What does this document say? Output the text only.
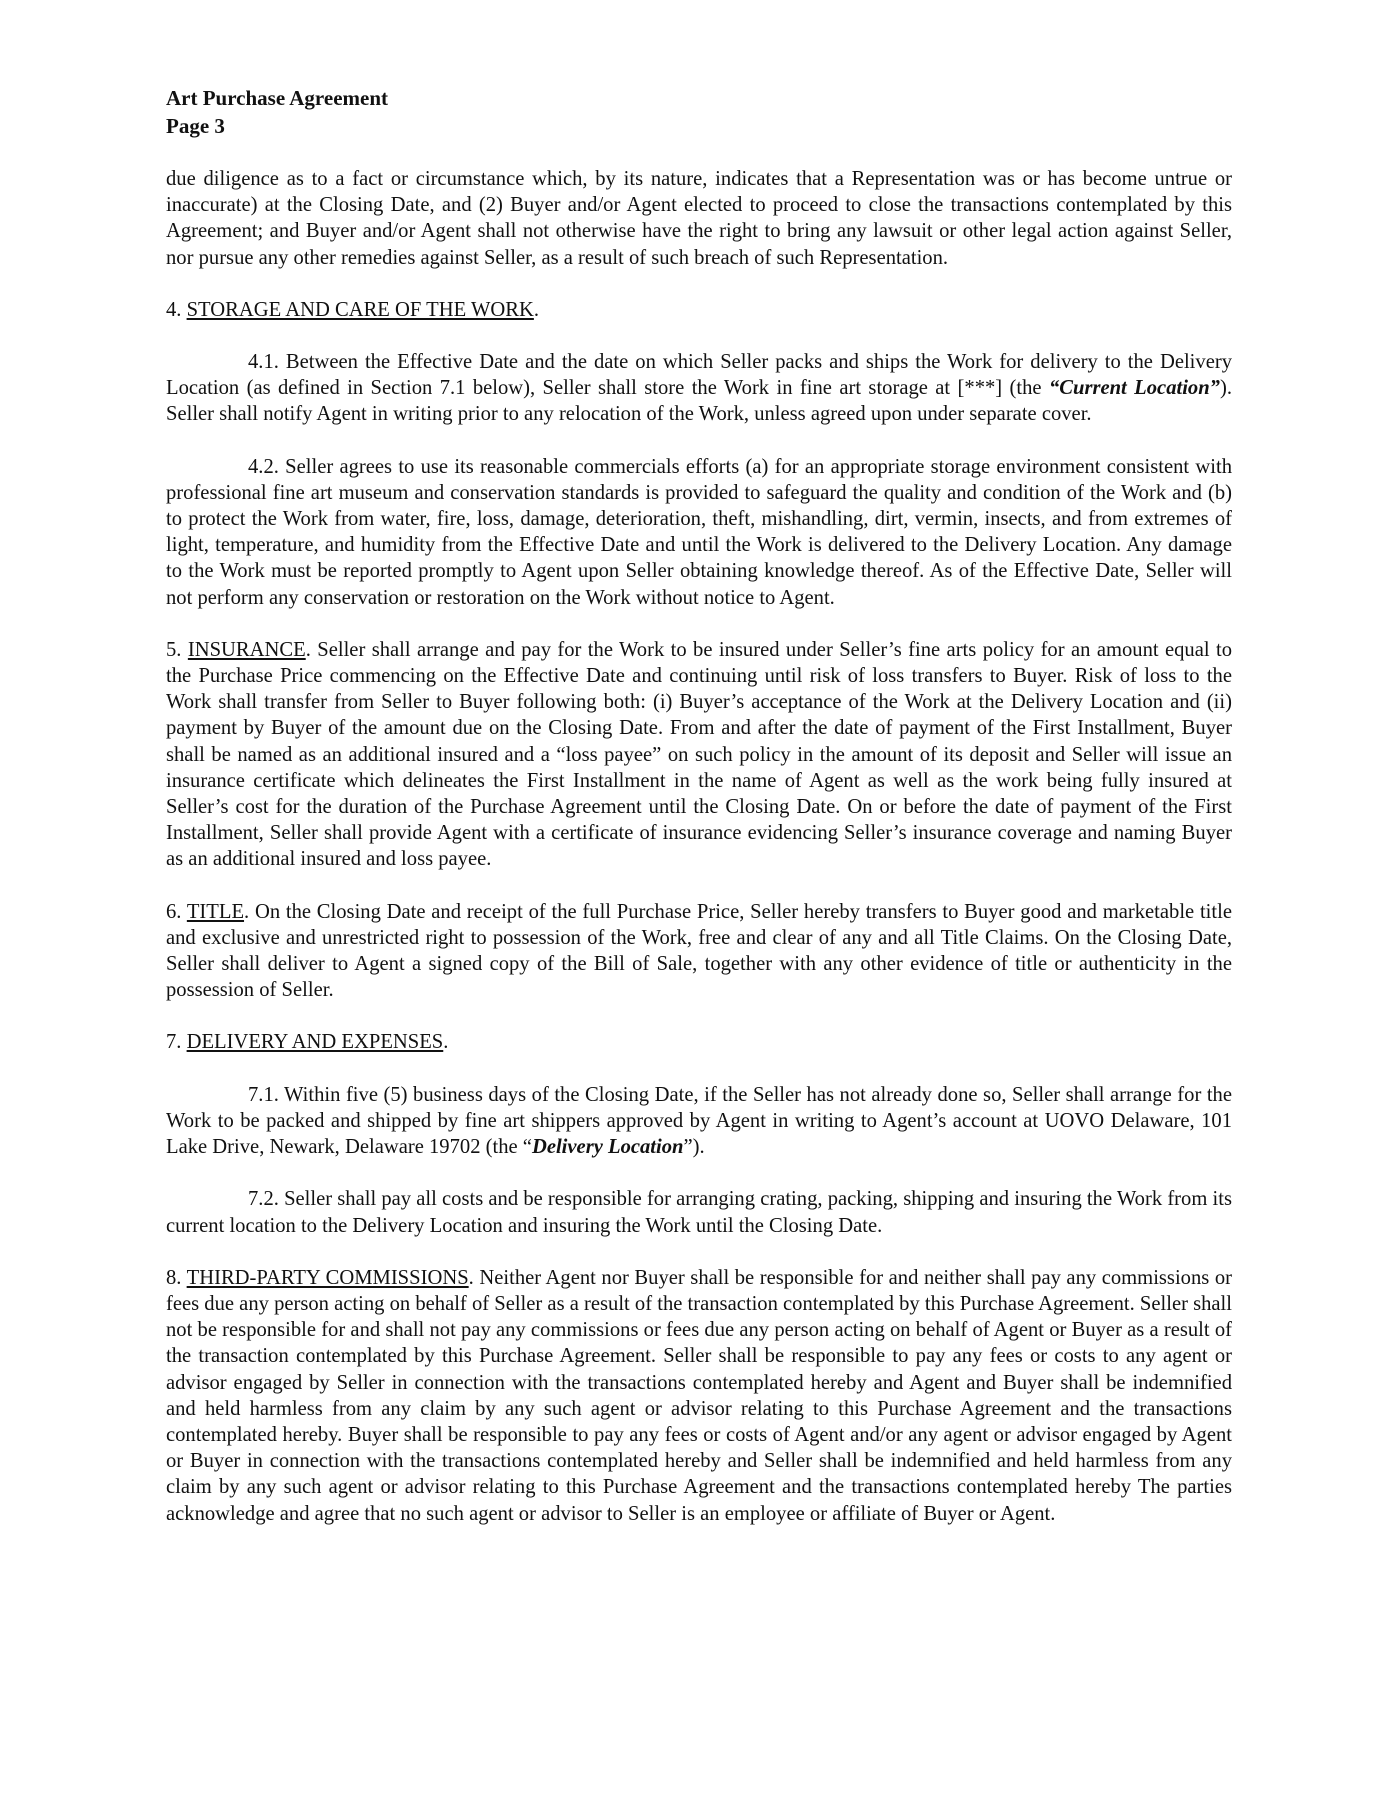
Art Purchase Agreement
Page 3

due diligence as to a fact or circumstance which, by its nature, indicates that a Representation was or has become untrue or inaccurate) at the Closing Date, and (2) Buyer and/or Agent elected to proceed to close the transactions contemplated by this Agreement; and Buyer and/or Agent shall not otherwise have the right to bring any lawsuit or other legal action against Seller, nor pursue any other remedies against Seller, as a result of such breach of such Representation.

4. STORAGE AND CARE OF THE WORK.

4.1. Between the Effective Date and the date on which Seller packs and ships the Work for delivery to the Delivery Location (as defined in Section 7.1 below), Seller shall store the Work in fine art storage at [***] (the “Current Location”). Seller shall notify Agent in writing prior to any relocation of the Work, unless agreed upon under separate cover.

4.2. Seller agrees to use its reasonable commercials efforts (a) for an appropriate storage environment consistent with professional fine art museum and conservation standards is provided to safeguard the quality and condition of the Work and (b) to protect the Work from water, fire, loss, damage, deterioration, theft, mishandling, dirt, vermin, insects, and from extremes of light, temperature, and humidity from the Effective Date and until the Work is delivered to the Delivery Location. Any damage to the Work must be reported promptly to Agent upon Seller obtaining knowledge thereof. As of the Effective Date, Seller will not perform any conservation or restoration on the Work without notice to Agent.

5. INSURANCE. Seller shall arrange and pay for the Work to be insured under Seller’s fine arts policy for an amount equal to the Purchase Price commencing on the Effective Date and continuing until risk of loss transfers to Buyer. Risk of loss to the Work shall transfer from Seller to Buyer following both: (i) Buyer’s acceptance of the Work at the Delivery Location and (ii) payment by Buyer of the amount due on the Closing Date. From and after the date of payment of the First Installment, Buyer shall be named as an additional insured and a “loss payee” on such policy in the amount of its deposit and Seller will issue an insurance certificate which delineates the First Installment in the name of Agent as well as the work being fully insured at Seller’s cost for the duration of the Purchase Agreement until the Closing Date. On or before the date of payment of the First Installment, Seller shall provide Agent with a certificate of insurance evidencing Seller’s insurance coverage and naming Buyer as an additional insured and loss payee.

6. TITLE. On the Closing Date and receipt of the full Purchase Price, Seller hereby transfers to Buyer good and marketable title and exclusive and unrestricted right to possession of the Work, free and clear of any and all Title Claims. On the Closing Date, Seller shall deliver to Agent a signed copy of the Bill of Sale, together with any other evidence of title or authenticity in the possession of Seller.

7. DELIVERY AND EXPENSES.

7.1. Within five (5) business days of the Closing Date, if the Seller has not already done so, Seller shall arrange for the Work to be packed and shipped by fine art shippers approved by Agent in writing to Agent’s account at UOVO Delaware, 101 Lake Drive, Newark, Delaware 19702 (the “Delivery Location”).

7.2. Seller shall pay all costs and be responsible for arranging crating, packing, shipping and insuring the Work from its current location to the Delivery Location and insuring the Work until the Closing Date.

8. THIRD-PARTY COMMISSIONS. Neither Agent nor Buyer shall be responsible for and neither shall pay any commissions or fees due any person acting on behalf of Seller as a result of the transaction contemplated by this Purchase Agreement. Seller shall not be responsible for and shall not pay any commissions or fees due any person acting on behalf of Agent or Buyer as a result of the transaction contemplated by this Purchase Agreement. Seller shall be responsible to pay any fees or costs to any agent or advisor engaged by Seller in connection with the transactions contemplated hereby and Agent and Buyer shall be indemnified and held harmless from any claim by any such agent or advisor relating to this Purchase Agreement and the transactions contemplated hereby. Buyer shall be responsible to pay any fees or costs of Agent and/or any agent or advisor engaged by Agent or Buyer in connection with the transactions contemplated hereby and Seller shall be indemnified and held harmless from any claim by any such agent or advisor relating to this Purchase Agreement and the transactions contemplated hereby The parties acknowledge and agree that no such agent or advisor to Seller is an employee or affiliate of Buyer or Agent.
